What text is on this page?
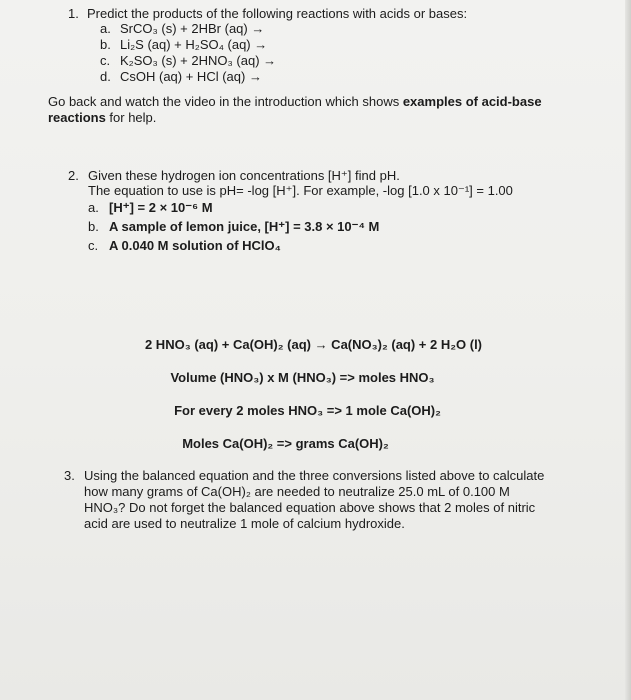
1. Predict the products of the following reactions with acids or bases:
a. SrCO₃ (s) + 2HBr (aq) →
b. Li₂S (aq) + H₂SO₄ (aq) →
c. K₂SO₃ (s) + 2HNO₃ (aq) →
d. CsOH (aq) + HCl (aq) →
Go back and watch the video in the introduction which shows examples of acid-base
reactions for help.
2. Given these hydrogen ion concentrations [H⁺] find pH.
The equation to use is pH= -log [H⁺]. For example, -log [1.0 x 10⁻¹] = 1.00
a. [H⁺] = 2 × 10⁻⁶ M
b. A sample of lemon juice, [H⁺] = 3.8 × 10⁻⁴ M
c. A 0.040 M solution of HClO₄
2 HNO₃ (aq) + Ca(OH)₂ (aq) → Ca(NO₃)₂ (aq) + 2 H₂O (l)
Volume (HNO₃) x M (HNO₃) => moles HNO₃
For every 2 moles HNO₃ => 1 mole Ca(OH)₂
Moles Ca(OH)₂ => grams Ca(OH)₂
3. Using the balanced equation and the three conversions listed above to calculate
how many grams of Ca(OH)₂ are needed to neutralize 25.0 mL of 0.100 M
HNO₃? Do not forget the balanced equation above shows that 2 moles of nitric
acid are used to neutralize 1 mole of calcium hydroxide.
